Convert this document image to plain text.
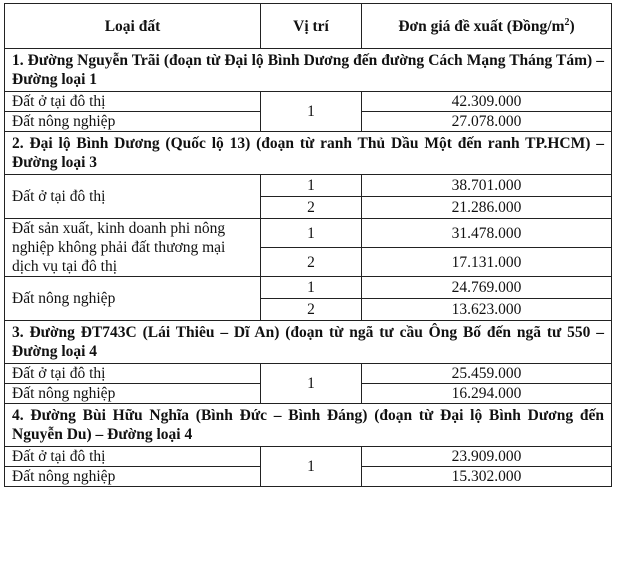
Loại đất	Vị trí	Đơn giá đề xuất $(Đồng/m^2)$
1. Đường Nguyễn Trãi (đoạn từ Đại lộ Bình Dương đến đường Cách Mạng Tháng Tám) – Đường loại 1		
Đất ở tại đô thị	1	42.309.000
Đất nông nghiệp		27.078.000
2. Đại lộ Bình Dương (Quốc lộ 13) (đoạn từ ranh Thủ Dầu Một đến ranh TP.HCM) – Đường loại 3		
Đất ở tại đô thị	1	38.701.000
	2	21.286.000
Đất sản xuất, kinh doanh phi nông nghiệp không phải đất thương mại dịch vụ tại đô thị	1	31.478.000
	2	17.131.000
Đất nông nghiệp	1	24.769.000
	2	13.623.000
3. Đường ĐT743C (Lái Thiêu – Dĩ An) (đoạn từ ngã tư cầu Ông Bố đến ngã tư 550 – Đường loại 4		
Đất ở tại đô thị	1	25.459.000
Đất nông nghiệp		16.294.000
4. Đường Bùi Hữu Nghĩa (Bình Đức – Bình Đáng) (đoạn từ Đại lộ Bình Dương đến Nguyễn Du) – Đường loại 4		
Đất ở tại đô thị	1	23.909.000
Đất nông nghiệp		15.302.000
